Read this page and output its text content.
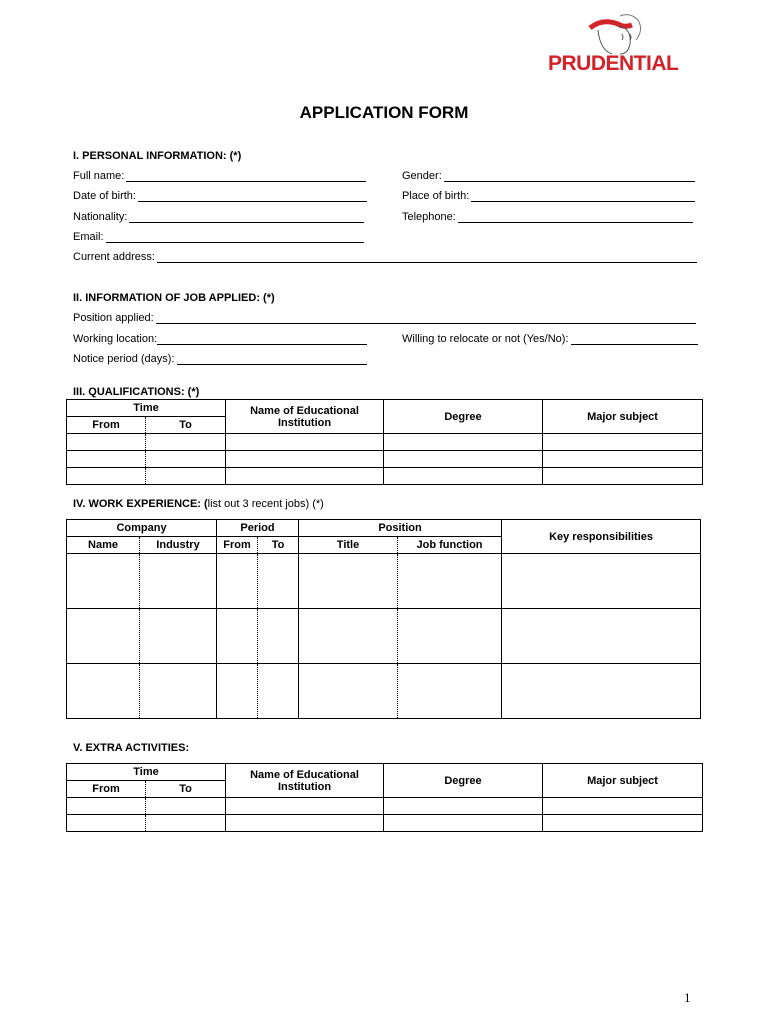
PRUDENTIAL
APPLICATION FORM
I. PERSONAL INFORMATION: (*)
Full name:	Gender:
Date of birth:	Place of birth:
Nationality:	Telephone:
Email:
Current address:
II. INFORMATION OF JOB APPLIED: (*)
Position applied:
Working location:	Willing to relocate or not (Yes/No):
Notice period (days):
III. QUALIFICATIONS: (*)
Time		Name of Educational Institution	Degree	Major subject
From	To			

IV. WORK EXPERIENCE: (list out 3 recent jobs) (*)
Company		Period		Position		Key responsibilities
Name	Industry	From	To	Title	Job function	

V. EXTRA ACTIVITIES:
Time		Name of Educational Institution	Degree	Major subject
From	To			

1
